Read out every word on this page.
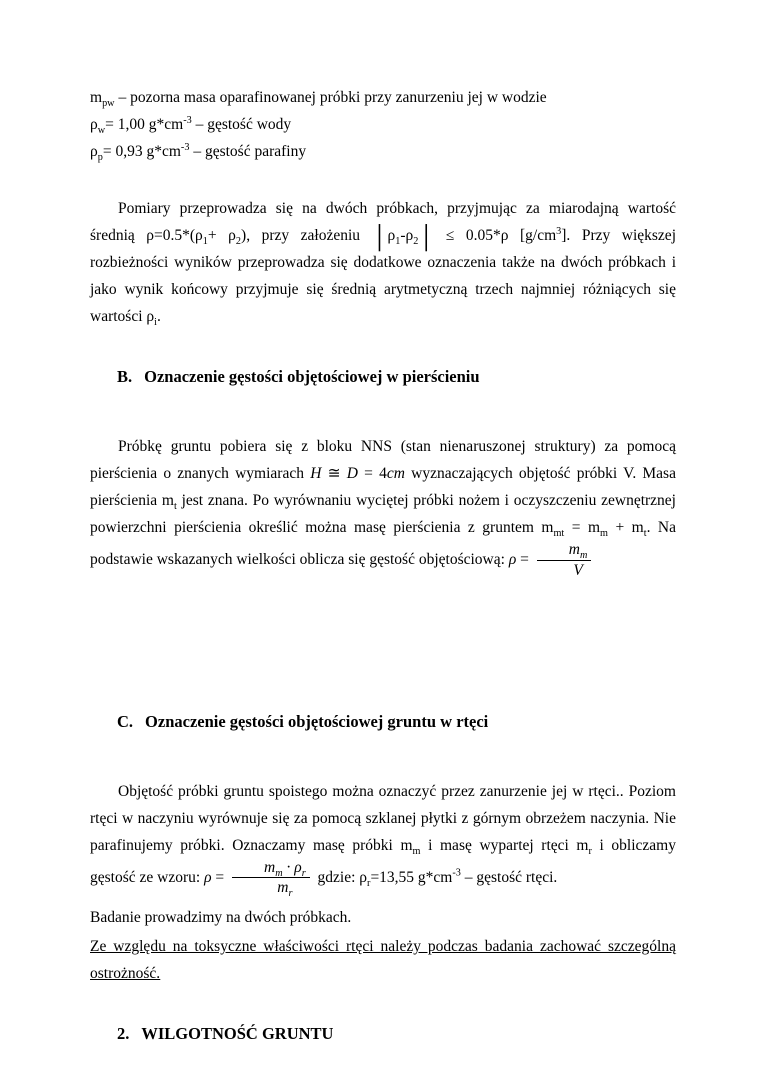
$m_{pw}$ – pozorna masa oparafinowanej próbki przy zanurzeniu jej w wodzie
$\rho_w= 1,00$ $g*cm^{-3}$ – gęstość wody
$\rho_p= 0,93$ $g*cm^{-3}$ – gęstość parafiny
Pomiary przeprowadza się na dwóch próbkach, przyjmując za miarodajną wartość średnią $\rho=0.5*(\rho_1+ \rho_2)$, przy założeniu $│\rho_1-\rho_2│ \le 0.05*\rho$ $[g/cm^3]$. Przy większej rozbieżności wyników przeprowadza się dodatkowe oznaczenia także na dwóch próbkach i jako wynik końcowy przyjmuje się średnią arytmetyczną trzech najmniej różniących się wartości $\rho_i$.
B. Oznaczenie gęstości objętościowej w pierścieniu
Próbkę gruntu pobiera się z bloku NNS (stan nienaruszonej struktury) za pomocą pierścienia o znanych wymiarach H ≅ D = 4cm wyznaczających objętość próbki V. Masa pierścienia $m_t$ jest znana. Po wyrównaniu wyciętej próbki nożem i oczyszczeniu zewnętrznej powierzchni pierścienia określić można masę pierścienia z gruntem $m_{mt} = m_m + m_t$. Na podstawie wskazanych wielkości oblicza się gęstość objętościową: $\rho = \frac{m_m}{V}$
C. Oznaczenie gęstości objętościowej gruntu w rtęci
Objętość próbki gruntu spoistego można oznaczyć przez zanurzenie jej w rtęci.. Poziom rtęci w naczyniu wyrównuje się za pomocą szklanej płytki z górnym obrzeżem naczynia. Nie parafinujemy próbki. Oznaczamy masę próbki $m_m$ i masę wypartej rtęci $m_r$ i obliczamy gęstość ze wzoru: $\rho = \frac{m_m \cdot \rho_r}{m_r}$ gdzie: $\rho_r=13,55$ $g*cm^{-3}$ – gęstość rtęci.
Badanie prowadzimy na dwóch próbkach.
Ze względu na toksyczne właściwości rtęci należy podczas badania zachować szczególną ostrożność.
2. WILGOTNOŚĆ GRUNTU
